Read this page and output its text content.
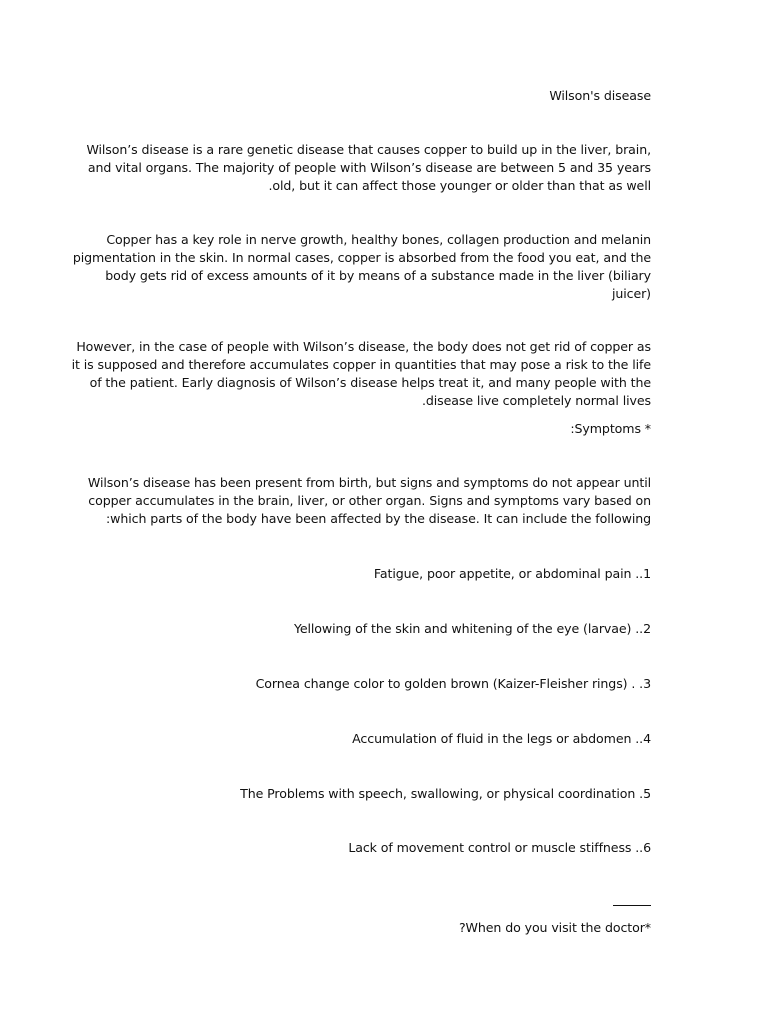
Wilson's disease
Wilson’s disease is a rare genetic disease that causes copper to build up in the liver, brain,
and vital organs. The majority of people with Wilson’s disease are between 5 and 35 years
.old, but it can affect those younger or older than that as well
Copper has a key role in nerve growth, healthy bones, collagen production and melanin
pigmentation in the skin. In normal cases, copper is absorbed from the food you eat, and the
body gets rid of excess amounts of it by means of a substance made in the liver (biliary
juicer)
However, in the case of people with Wilson’s disease, the body does not get rid of copper as
it is supposed and therefore accumulates copper in quantities that may pose a risk to the life
of the patient. Early diagnosis of Wilson’s disease helps treat it, and many people with the
.disease live completely normal lives
:Symptoms *
Wilson’s disease has been present from birth, but signs and symptoms do not appear until
copper accumulates in the brain, liver, or other organ. Signs and symptoms vary based on
:which parts of the body have been affected by the disease. It can include the following
Fatigue, poor appetite, or abdominal pain ..1
Yellowing of the skin and whitening of the eye (larvae) ..2
Cornea change color to golden brown (Kaizer-Fleisher rings) . .3
Accumulation of fluid in the legs or abdomen ..4
The Problems with speech, swallowing, or physical coordination .5
Lack of movement control or muscle stiffness ..6
?When do you visit the doctor*
